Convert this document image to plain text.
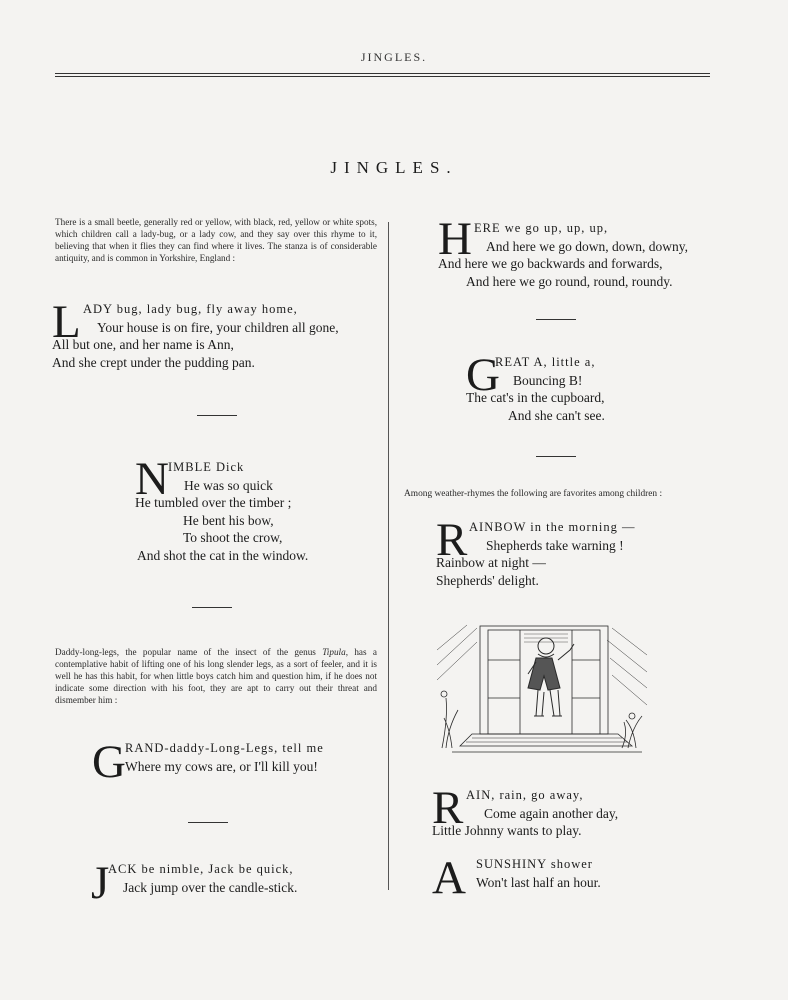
JINGLES.
JINGLES.
There is a small beetle, generally red or yellow, with black, red, yellow or white spots, which children call a lady-bug, or a lady cow, and they say over this rhyme to it, believing that when it flies they can find where it lives. The stanza is of considerable antiquity, and is common in Yorkshire, England :
L ADY bug, lady bug, fly away home,
Your house is on fire, your children all gone,
All but one, and her name is Ann,
And she crept under the pudding pan.
N IMBLE Dick
He was so quick
He tumbled over the timber ;
He bent his bow,
To shoot the crow,
And shot the cat in the window.
Daddy-long-legs, the popular name of the insect of the genus Tipula, has a contemplative habit of lifting one of his long slender legs, as a sort of feeler, and it is well he has this habit, for when little boys catch him and question him, if he does not indicate some direction with his foot, they are apt to carry out their threat and dismember him :
G RAND-daddy-Long-Legs, tell me
Where my cows are, or I'll kill you!
J
ACK be nimble, Jack be quick,
Jack jump over the candle-stick.
H ERE we go up, up, up,
And here we go down, down, downy,
And here we go backwards and forwards,
And here we go round, round, roundy.
G
REAT A, little a,
Bouncing B!
The cat's in the cupboard,
And she can't see.
Among weather-rhymes the following are favorites among children :
R AINBOW in the morning —
Shepherds take warning !
Rainbow at night —
Shepherds' delight.
R AIN, rain, go away,
Come again another day,
Little Johnny wants to play.
A SUNSHINY shower
Won't last half an hour.
